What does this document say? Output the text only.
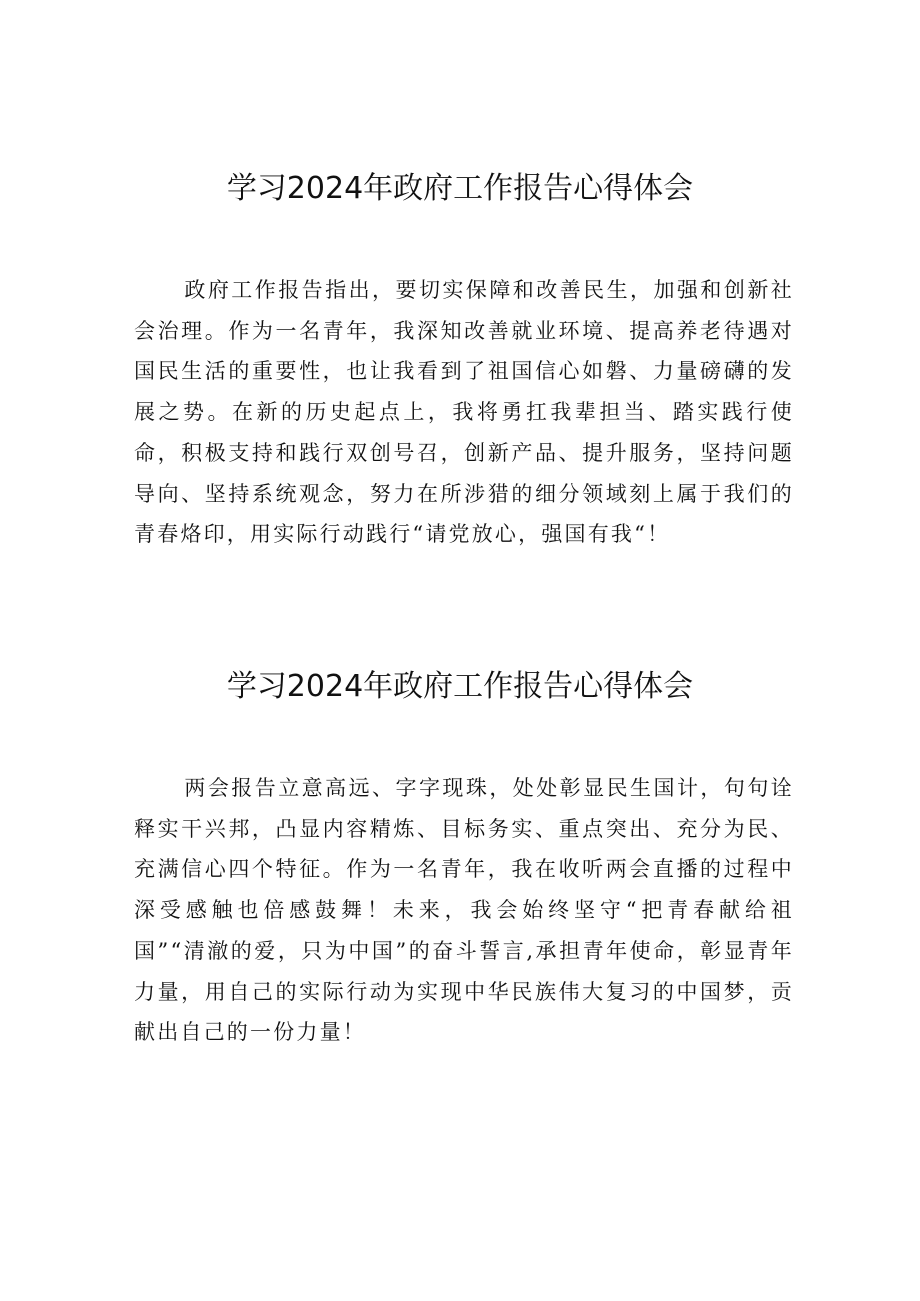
学习2024年政府工作报告心得体会

政府工作报告指出，要切实保障和改善民生，加强和创新社会治理。作为一名青年，我深知改善就业环境、提高养老待遇对国民生活的重要性，也让我看到了祖国信心如磐、力量磅礴的发展之势。在新的历史起点上，我将勇扛我辈担当、踏实践行使命，积极支持和践行双创号召，创新产品、提升服务，坚持问题导向、坚持系统观念，努力在所涉猎的细分领域刻上属于我们的青春烙印，用实际行动践行“请党放心，强国有我“！

学习2024年政府工作报告心得体会

两会报告立意高远、字字现珠，处处彰显民生国计，句句诠释实干兴邦，凸显内容精炼、目标务实、重点突出、充分为民、充满信心四个特征。作为一名青年，我在收听两会直播的过程中深受感触也倍感鼓舞！未来，我会始终坚守“把青春献给祖国”“清澈的爱，只为中国”的奋斗誓言,承担青年使命，彰显青年力量，用自己的实际行动为实现中华民族伟大复习的中国梦，贡献出自己的一份力量！
